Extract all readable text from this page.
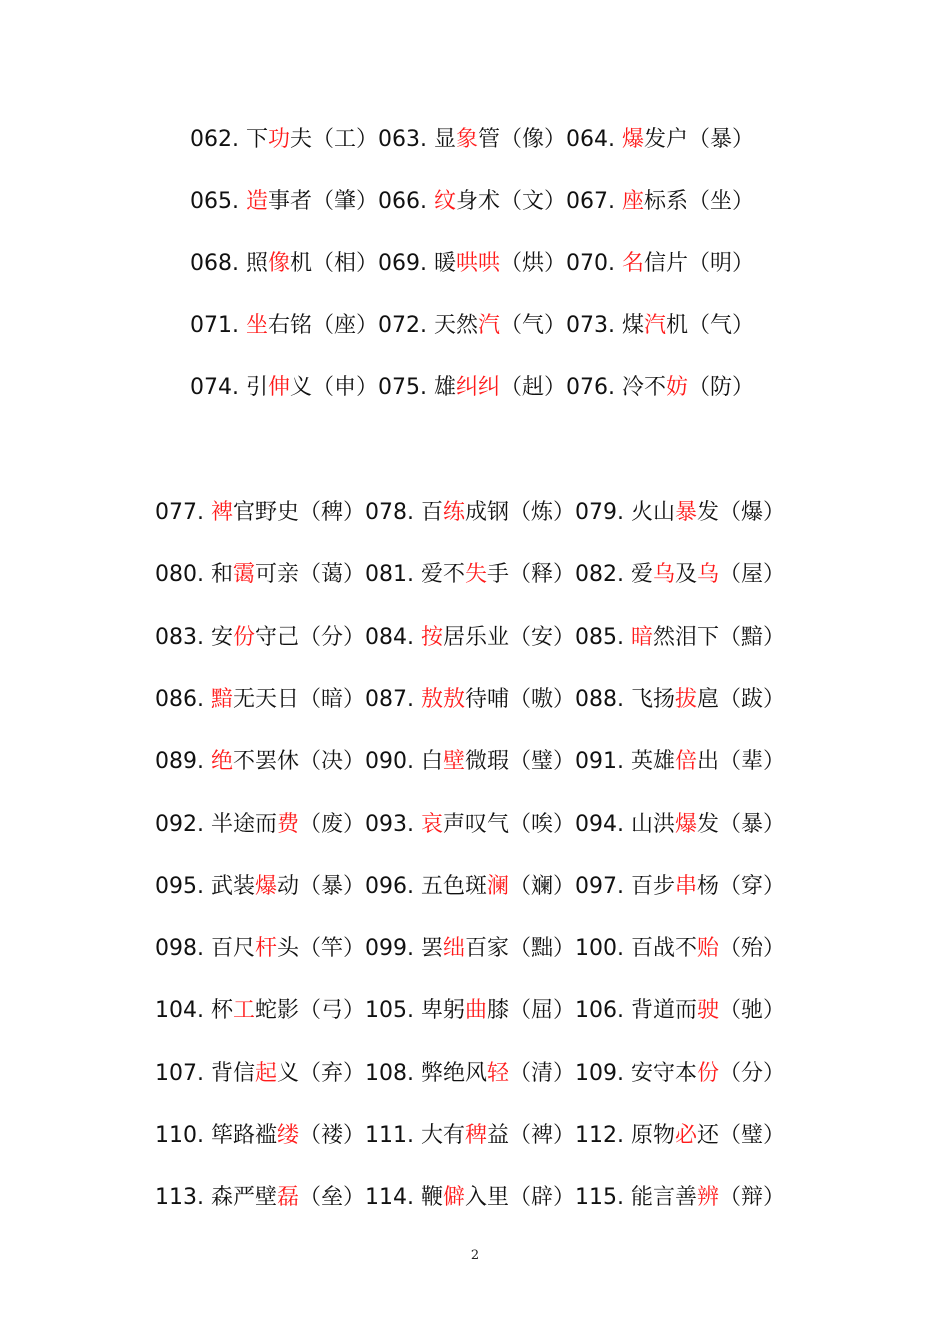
062. 下功夫（工）063. 显象管（像）064. 爆发户（暴）
065. 造事者（肇）066. 纹身术（文）067. 座标系（坐）
068. 照像机（相）069. 暖哄哄（烘）070. 名信片（明）
071. 坐右铭（座）072. 天然汽（气）073. 煤汽机（气）
074. 引伸义（申）075. 雄纠纠（赳）076. 冷不妨（防）
077. 裨官野史（稗）078. 百练成钢（炼）079. 火山暴发（爆）
080. 和霭可亲（蔼）081. 爱不失手（释）082. 爱乌及乌（屋）
083. 安份守己（分）084. 按居乐业（安）085. 暗然泪下（黯）
086. 黯无天日（暗）087. 敖敖待哺（嗷）088. 飞扬拔扈（跋）
089. 绝不罢休（决）090. 白壁微瑕（璧）091. 英雄倍出（辈）
092. 半途而费（废）093. 哀声叹气（唉）094. 山洪爆发（暴）
095. 武装爆动（暴）096. 五色斑澜（斓）097. 百步串杨（穿）
098. 百尺杆头（竿）099. 罢绌百家（黜）100. 百战不贻（殆）
104. 杯工蛇影（弓）105. 卑躬曲膝（屈）106. 背道而驶（驰）
107. 背信起义（弃）108. 弊绝风轻（清）109. 安守本份（分）
110. 筚路褴缕（褛）111. 大有稗益（裨）112. 原物必还（璧）
113. 森严壁磊（垒）114. 鞭僻入里（辟）115. 能言善辨（辩）
2
